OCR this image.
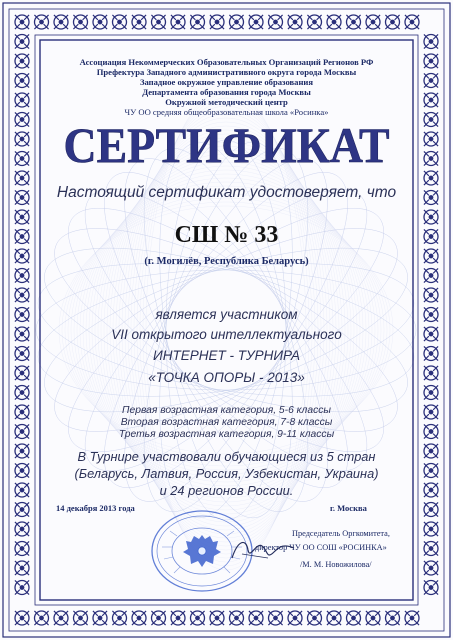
Ассоциация Некоммерческих Образовательных Организаций Регионов РФ
Префектура Западного административного округа города Москвы
Западное окружное управление образования
Департамента образования города Москвы
Окружной методический центр
ЧУ ОО средняя общеобразовательная школа «Росинка»
СЕРТИФИКАТ
Настоящий сертификат удостоверяет, что
СШ № 33
(г. Могилёв, Республика Беларусь)
является участником
VII открытого интеллектуального
ИНТЕРНЕТ - ТУРНИРА
«ТОЧКА ОПОРЫ - 2013»
Первая возрастная категория, 5-6 классы
Вторая возрастная категория, 7-8 классы
Третья возрастная категория, 9-11 классы
В Турнире участвовали обучающиеся из 5 стран
(Беларусь, Латвия, Россия, Узбекистан, Украина)
и 24 регионов России.
14 декабря 2013 года	г. Москва
Председатель Оргкомитета,
директор ЧУ ОО СОШ «РОСИНКА»
/М. М. Новожилова/
